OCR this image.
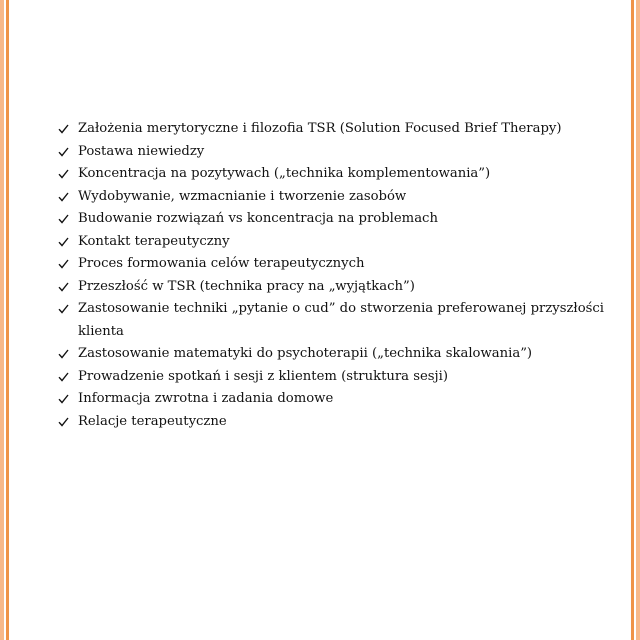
Założenia merytoryczne i filozofia TSR (Solution Focused Brief Therapy)
Postawa niewiedzy
Koncentracja na pozytywach („technika komplementowania”)
Wydobywanie, wzmacnianie i tworzenie zasobów
Budowanie rozwiązań vs koncentracja na problemach
Kontakt terapeutyczny
Proces formowania celów terapeutycznych
Przeszłość w TSR (technika pracy na „wyjątkach”)
Zastosowanie techniki „pytanie o cud” do stworzenia preferowanej przyszłości klienta
Zastosowanie matematyki do psychoterapii („technika skalowania”)
Prowadzenie spotkań i sesji z klientem (struktura sesji)
Informacja zwrotna i zadania domowe
Relacje terapeutyczne
